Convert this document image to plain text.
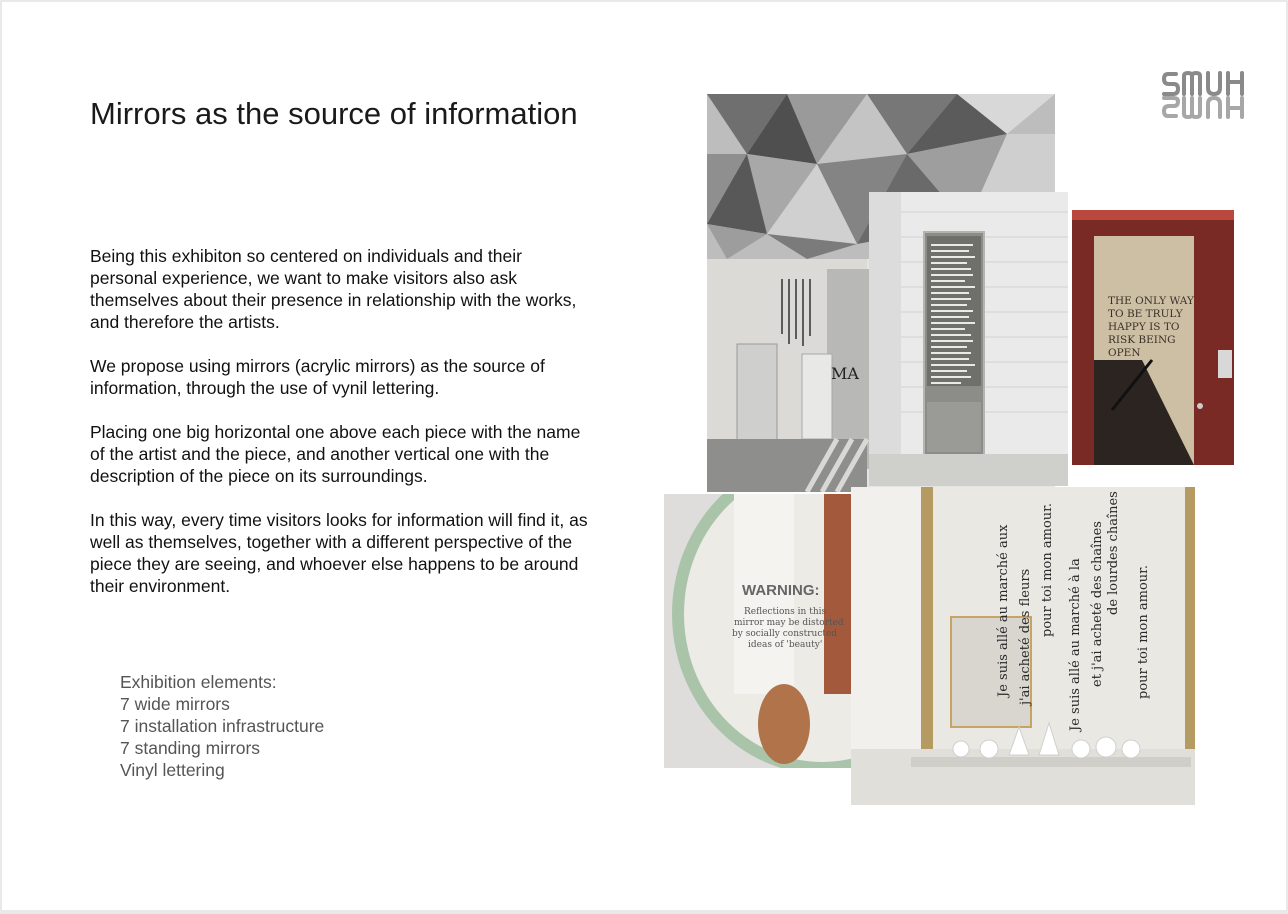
Mirrors as the source of information

Being this exhibiton so centered on individuals and their personal experience, we want to make visitors also ask themselves about their presence in relationship with the works, and therefore the artists.

We propose using mirrors (acrylic mirrors) as the source of information, through the use of vynil lettering.

Placing one big horizontal one above each piece with the name of the artist and the piece, and another vertical one with the description of the piece on its surroundings.

In this way, every time visitors looks for information will find it, as well as themselves, together with a different perspective of the piece they are seeing, and whoever else happens to be around their environment.

Exhibition elements:
7 wide mirrors
7 installation infrastructure
7 standing mirrors
Vinyl lettering
MA
THE ONLY WAY
TO BE TRULY
HAPPY IS TO
RISK BEING
OPEN
WARNING:
Reflections in this
mirror may be distorted
by socially constructed
ideas of 'beauty'	Je suis allé au marché aux j'ai acheté des fleurs pour toi mon amour. Je suis allé au marché à la et j'ai acheté des chaînes de lourdes chaînes
pour toi mon amour.
